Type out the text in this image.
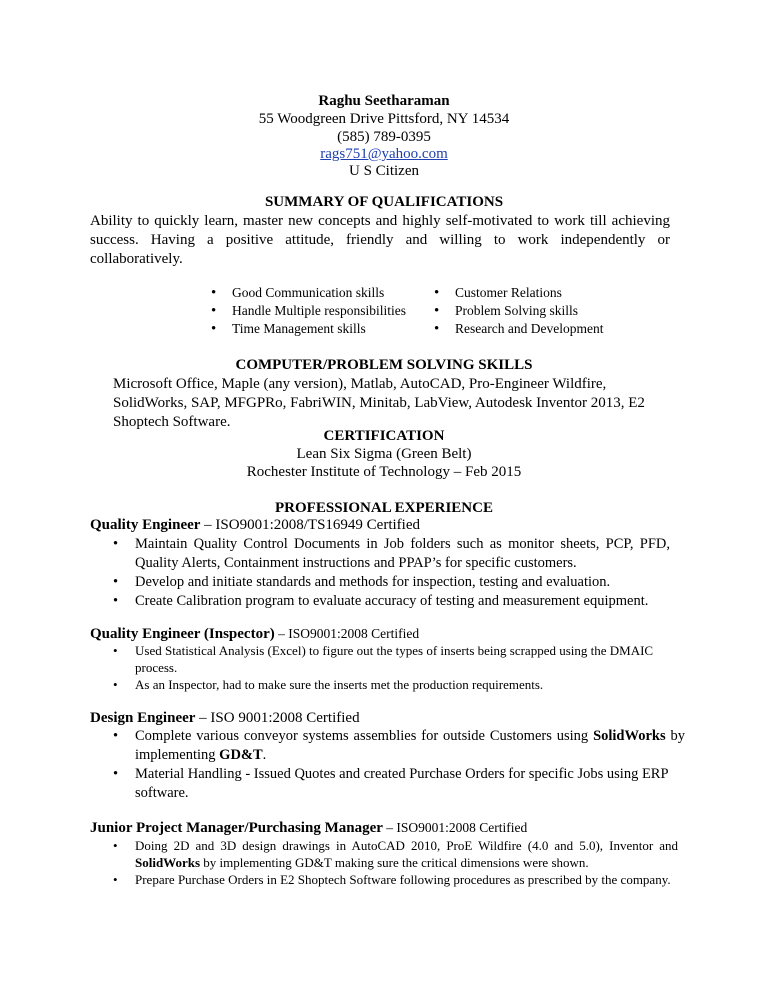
Raghu Seetharaman
55 Woodgreen Drive Pittsford, NY 14534
(585) 789-0395
rags751@yahoo.com
U S Citizen
SUMMARY OF QUALIFICATIONS
Ability to quickly learn, master new concepts and highly self-motivated to work till achieving success. Having a positive attitude, friendly and willing to work independently or collaboratively.
• Good Communication skills
• Handle Multiple responsibilities
• Time Management skills
• Customer Relations
• Problem Solving skills
• Research and Development
COMPUTER/PROBLEM SOLVING SKILLS
Microsoft Office, Maple (any version), Matlab, AutoCAD, Pro-Engineer Wildfire, SolidWorks, SAP, MFGPRo, FabriWIN, Minitab, LabView, Autodesk Inventor 2013, E2 Shoptech Software.
CERTIFICATION
Lean Six Sigma (Green Belt)
Rochester Institute of Technology – Feb 2015
PROFESSIONAL EXPERIENCE
Quality Engineer – ISO9001:2008/TS16949 Certified
• Maintain Quality Control Documents in Job folders such as monitor sheets, PCP, PFD, Quality Alerts, Containment instructions and PPAP’s for specific customers.
• Develop and initiate standards and methods for inspection, testing and evaluation.
• Create Calibration program to evaluate accuracy of testing and measurement equipment.
Quality Engineer (Inspector) – ISO9001:2008 Certified
• Used Statistical Analysis (Excel) to figure out the types of inserts being scrapped using the DMAIC process.
• As an Inspector, had to make sure the inserts met the production requirements.
Design Engineer – ISO 9001:2008 Certified
• Complete various conveyor systems assemblies for outside Customers using SolidWorks by implementing GD&T.
• Material Handling - Issued Quotes and created Purchase Orders for specific Jobs using ERP software.
Junior Project Manager/Purchasing Manager – ISO9001:2008 Certified
• Doing 2D and 3D design drawings in AutoCAD 2010, ProE Wildfire (4.0 and 5.0), Inventor and SolidWorks by implementing GD&T making sure the critical dimensions were shown.
• Prepare Purchase Orders in E2 Shoptech Software following procedures as prescribed by the company.
